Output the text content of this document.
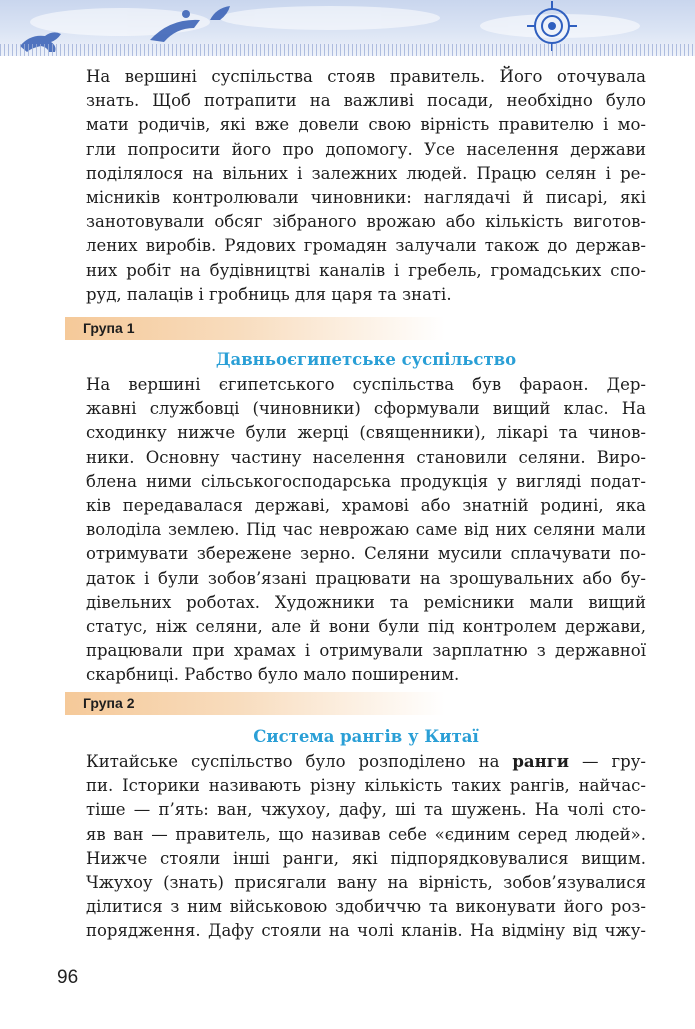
На вершині суспільства стояв правитель. Його оточувала
знать. Щоб потрапити на важливі посади, необхідно було
мати родичів, які вже довели свою вірність правителю і мо-
гли попросити його про допомогу. Усе населення держави
поділялося на вільних і залежних людей. Працю селян і ре-
місників контролювали чиновники: наглядачі й писарі, які
занотовували обсяг зібраного врожаю або кількість виготов-
лених виробів. Рядових громадян залучали також до держав-
них робіт на будівництві каналів і гребель, громадських спо-
руд, палаців і гробниць для царя та знаті.
Група 1
Давньоєгипетське суспільство
На вершині єгипетського суспільства був фараон. Дер-
жавні службовці (чиновники) сформували вищий клас. На
сходинку нижче були жерці (священники), лікарі та чинов-
ники. Основну частину населення становили селяни. Виро-
блена ними сільськогосподарська продукція у вигляді подат-
ків передавалася державі, храмові або знатній родині, яка
володіла землею. Під час неврожаю саме від них селяни мали
отримувати збережене зерно. Селяни мусили сплачувати по-
даток і були зобов’язані працювати на зрошувальних або бу-
дівельних роботах. Художники та ремісники мали вищий
статус, ніж селяни, але й вони були під контролем держави,
працювали при храмах і отримували зарплатню з державної
скарбниці. Рабство було мало поширеним.
Група 2
Система рангів у Китаї
Китайське суспільство було розподілено на ранги — гру-
пи. Історики називають різну кількість таких рангів, найчас-
тіше — п’ять: ван, чжухоу, дафу, ші та шужень. На чолі сто-
яв ван — правитель, що називав себе «єдиним серед людей».
Нижче стояли інші ранги, які підпорядковувалися вищим.
Чжухоу (знать) присягали вану на вірність, зобов’язувалися
ділитися з ним військовою здобиччю та виконувати його роз-
порядження. Дафу стояли на чолі кланів. На відміну від чжу-
96
